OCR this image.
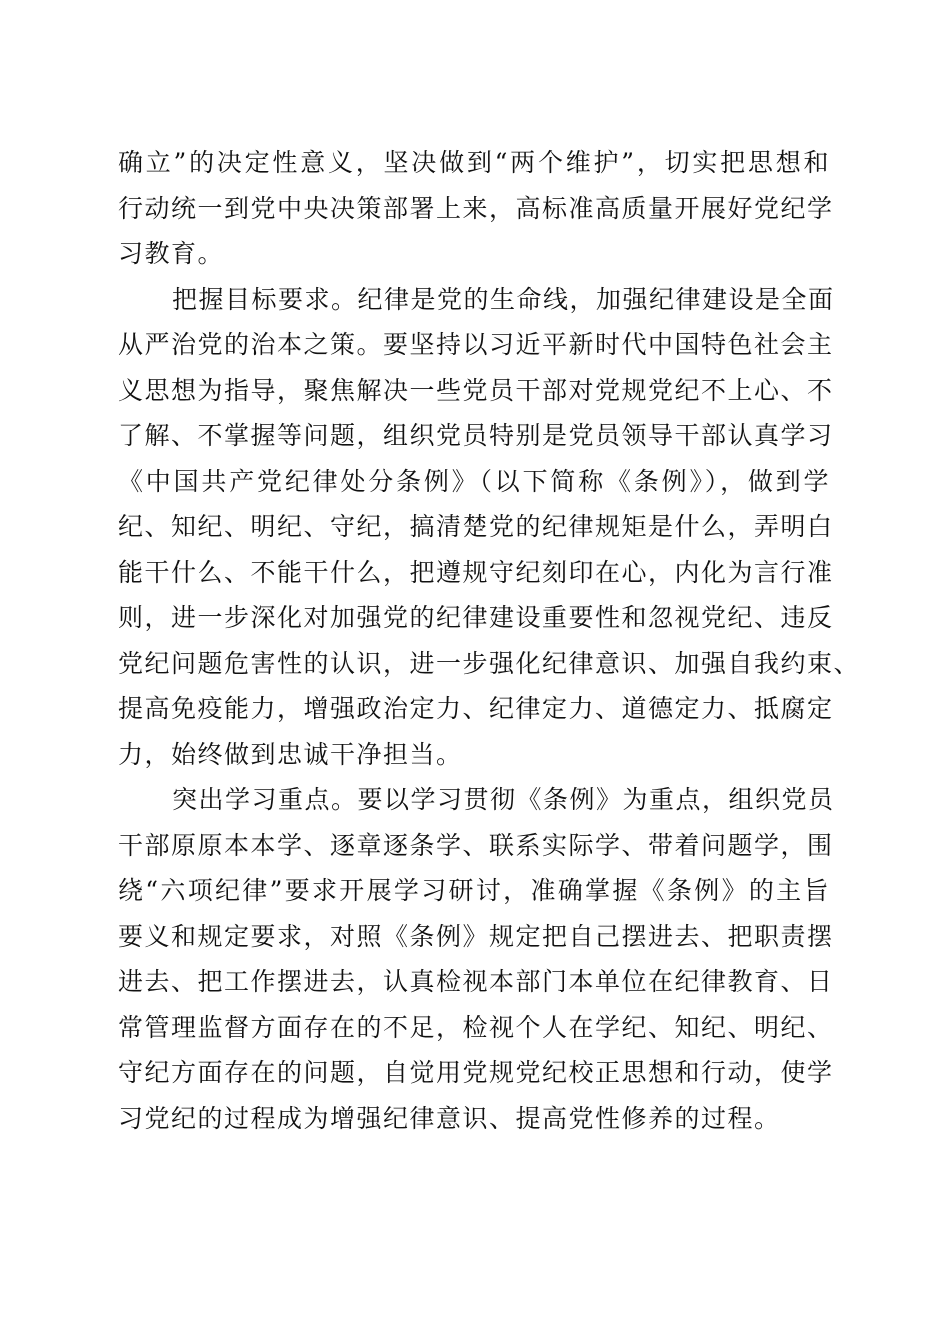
确立”的决定性意义，坚决做到“两个维护”，切实把思想和
行动统一到党中央决策部署上来，高标准高质量开展好党纪学
习教育。
把握目标要求。纪律是党的生命线，加强纪律建设是全面
从严治党的治本之策。要坚持以习近平新时代中国特色社会主
义思想为指导，聚焦解决一些党员干部对党规党纪不上心、不
了解、不掌握等问题，组织党员特别是党员领导干部认真学习
《中国共产党纪律处分条例》（以下简称《条例》），做到学
纪、知纪、明纪、守纪，搞清楚党的纪律规矩是什么，弄明白
能干什么、不能干什么，把遵规守纪刻印在心，内化为言行准
则，进一步深化对加强党的纪律建设重要性和忽视党纪、违反
党纪问题危害性的认识，进一步强化纪律意识、加强自我约束、
提高免疫能力，增强政治定力、纪律定力、道德定力、抵腐定
力，始终做到忠诚干净担当。
突出学习重点。要以学习贯彻《条例》为重点，组织党员
干部原原本本学、逐章逐条学、联系实际学、带着问题学，围
绕“六项纪律”要求开展学习研讨，准确掌握《条例》的主旨
要义和规定要求，对照《条例》规定把自己摆进去、把职责摆
进去、把工作摆进去，认真检视本部门本单位在纪律教育、日
常管理监督方面存在的不足，检视个人在学纪、知纪、明纪、
守纪方面存在的问题，自觉用党规党纪校正思想和行动，使学
习党纪的过程成为增强纪律意识、提高党性修养的过程。
